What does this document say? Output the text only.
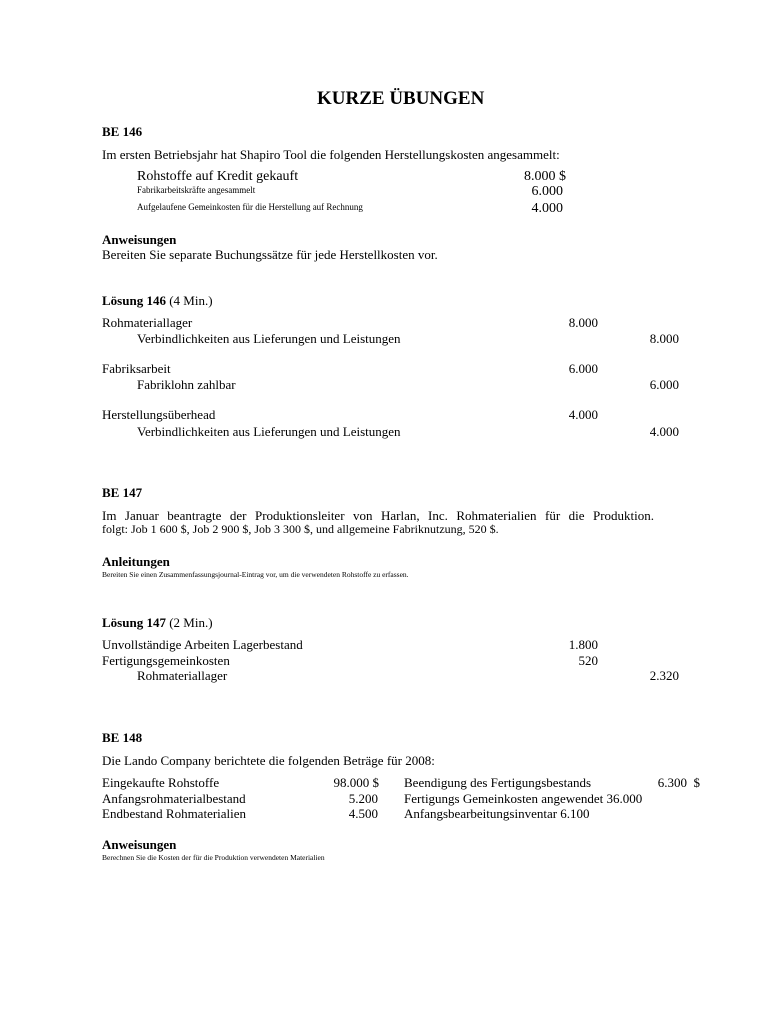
KURZE ÜBUNGEN
BE 146
Im ersten Betriebsjahr hat Shapiro Tool die folgenden Herstellungskosten angesammelt:
Rohstoffe auf Kredit gekauft	8.000 $
Fabrikarbeitskräfte angesammelt	6.000
Aufgelaufene Gemeinkosten für die Herstellung auf Rechnung	4.000
Anweisungen
Bereiten Sie separate Buchungssätze für jede Herstellkosten vor.
Lösung 146 (4 Min.)
Rohmateriallager	8.000
Verbindlichkeiten aus Lieferungen und Leistungen	8.000
Fabriksarbeit	6.000
Fabriklohn zahlbar	6.000
Herstellungsüberhead	4.000
Verbindlichkeiten aus Lieferungen und Leistungen	4.000
BE 147
Im Januar beantragte der Produktionsleiter von Harlan, Inc. Rohmaterialien für die Produktion.
folgt: Job 1 600 $, Job 2 900 $, Job 3 300 $, und allgemeine Fabriknutzung, 520 $.
Anleitungen
Bereiten Sie einen Zusammenfassungsjournal-Eintrag vor, um die verwendeten Rohstoffe zu erfassen.
Lösung 147 (2 Min.)
Unvollständige Arbeiten Lagerbestand	1.800
Fertigungsgemeinkosten	520
Rohmateriallager	2.320
BE 148
Die Lando Company berichtete die folgenden Beträge für 2008:
Eingekaufte Rohstoffe	98.000 $
Anfangsrohmaterialbestand	5.200
Endbestand Rohmaterialien	4.500
Beendigung des Fertigungsbestands	6.300  $
Fertigungs Gemeinkosten angewendet 36.000
Anfangsbearbeitungsinventar 6.100
Anweisungen
Berechnen Sie die Kosten der für die Produktion verwendeten Materialien
